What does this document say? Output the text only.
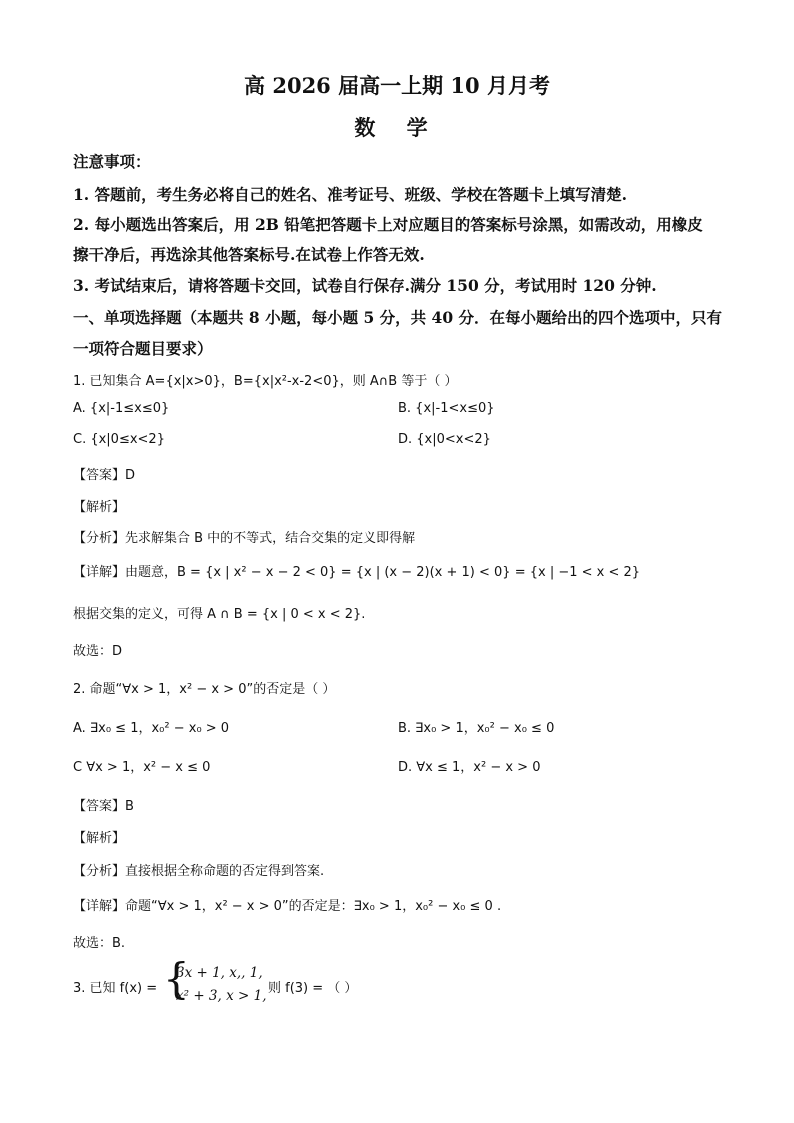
高 2026 届高一上期 10 月月考
数 学
注意事项：
1. 答题前，考生务必将自己的姓名、准考证号、班级、学校在答题卡上填写清楚.
2. 每小题选出答案后，用 2B 铅笔把答题卡上对应题目的答案标号涂黑，如需改动，用橡皮
擦干净后，再选涂其他答案标号.在试卷上作答无效.
3. 考试结束后，请将答题卡交回，试卷自行保存.满分 150 分，考试用时 120 分钟.
一、单项选择题（本题共 8 小题，每小题 5 分，共 40 分．在每小题给出的四个选项中，只有
一项符合题目要求）
1. 已知集合 A={x|x>0}，B={x|x²-x-2<0}，则 A∩B 等于（ ）
A. {x|-1≤x≤0}	B. {x|-1<x≤0}
C. {x|0≤x<2}	D. {x|0<x<2}
【答案】D
【解析】
【分析】先求解集合 B 中的不等式，结合交集的定义即得解
【详解】由题意，B = {x | x² − x − 2 < 0} = {x | (x − 2)(x + 1) < 0} = {x | −1 < x < 2}
根据交集的定义，可得 A ∩ B = {x | 0 < x < 2}.
故选：D
2. 命题“∀x > 1，x² − x > 0”的否定是（ ）
A. ∃x₀ ≤ 1，x₀² − x₀ > 0	B. ∃x₀ > 1，x₀² − x₀ ≤ 0
C ∀x > 1，x² − x ≤ 0	D. ∀x ≤ 1，x² − x > 0
【答案】B
【解析】
【分析】直接根据全称命题的否定得到答案.
【详解】命题“∀x > 1，x² − x > 0”的否定是：∃x₀ > 1，x₀² − x₀ ≤ 0 .
故选：B.
3. 已知 f(x) = {
3x + 1, x,, 1,
x² + 3, x > 1, 则 f(3) = （ ）
